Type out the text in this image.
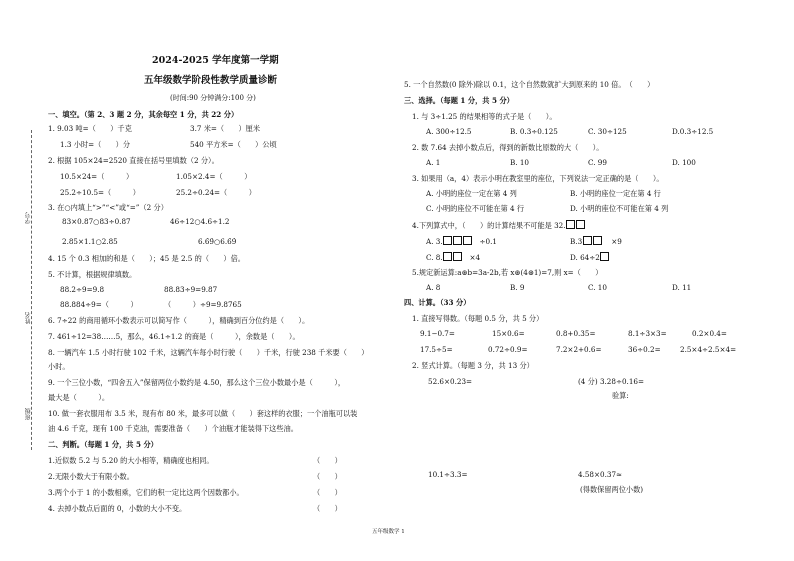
学号
姓名
班级
2024-2025 学年度第一学期
五年级数学阶段性教学质量诊断
(时间:90 分钟满分:100 分)
一、填空。（第 2、3 题 2 分，其余每空 1 分，共 22 分）
1. 9.03 吨=（　　）千克	3.7 米=（　　）厘米
1.3 小时=（　　）分	540 平方米=（　　）公顷
2. 根据 105×24=2520 直接在括号里填数（2 分）。
10.5×24=（　　　）	1.05×2.4=（　　　）
25.2÷10.5=（　　　）	25.2÷0.24=（　　　）
3. 在○内填上“>”“<”或“=”（2 分）
83×0.87○83÷0.87	46÷12○4.6÷1.2
2.85×1.1○2.85	6.6̇9̇○6.6̇9̇
4. 15 个 0.3 相加的和是（　　）；45 是 2.5 的（　　）倍。
5. 不计算，根据规律填数。
88.2÷9=9.8	88.83÷9=9.87
88.884÷9=（　　　）	（　　　）÷9=9.8765
6. 7÷22 的商用循环小数表示可以简写作（　　　），精确到百分位约是（　　）。
7. 461÷12=38……5，那么，46.1÷1.2 的商是（　　　），余数是（　　）。
8. 一辆汽车 1.5 小时行驶 102 千米，这辆汽车每小时行驶（　　）千米，行驶 238 千米要（　　）
小时。
9. 一个三位小数，“四舍五入”保留两位小数约是 4.50，那么这个三位小数最小是（　　　），
最大是（　　　）。
10. 做一套衣服用布 3.5 米，现有布 80 米，最多可以做（　　）套这样的衣服；一个油瓶可以装
油 4.6 千克，现有 100 千克油，需要准备（　　）个油瓶才能装得下这些油。
二、判断。（每题 1 分，共 5 分）
1.近似数 5.2 与 5.20 的大小相等，精确度也相同。	（　　）
2.无限小数大于有限小数。	（　　）
3.两个小于 1 的小数相乘，它们的积一定比这两个因数都小。	（　　）
4. 去掉小数点后面的 0，小数的大小不变。	（　　）
5. 一个自然数(0 除外)除以 0.1，这个自然数就扩大到原来的 10 倍。　（　　）
三、选择。（每题 1 分，共 5 分）
1. 与 3÷1.25 的结果相等的式子是（　　）。
A. 300÷12.5	B. 0.3÷0.125	C. 30÷125	D.0.3÷12.5
2. 数 7.64 去掉小数点后，得到的新数比原数的大（　　）。
A. 1	B. 10	C. 99	D. 100
3. 如果用（a，4）表示小明在教室里的座位，下列说法一定正确的是（　　）。
A. 小明的座位一定在第 4 列	B. 小明的座位一定在第 4 行
C. 小明的座位不可能在第 4 行	D. 小明的座位不可能在第 4 列
4.下列算式中，（　　）的计算结果不可能是 32.
A. 3.	÷0.1	B.3	×9
C. 8.	×4	D. 64÷2
5.规定新运算:a⊛b=3a-2b,若 x⊛(4⊛1)=7,则 x=（　　）
A. 8	B. 9	C. 10	D. 11
四、计算。（33 分）
1. 直接写得数。（每题 0.5 分，共 5 分）
9.1−0.7=	15×0.6=	0.8+0.35=	8.1÷3×3=	0.2×0.4=
17.5÷5=	0.72÷0.9=	7.2×2+0.6=	36÷0.2=	2.5×4÷2.5×4=
2. 竖式计算。（每题 3 分，共 13 分）
52.6×0.23=	(4 分) 3.28÷0.16=
验算:
10.1÷3.3=	4.58×0.37≈
(得数保留两位小数)
五年级数学 1
